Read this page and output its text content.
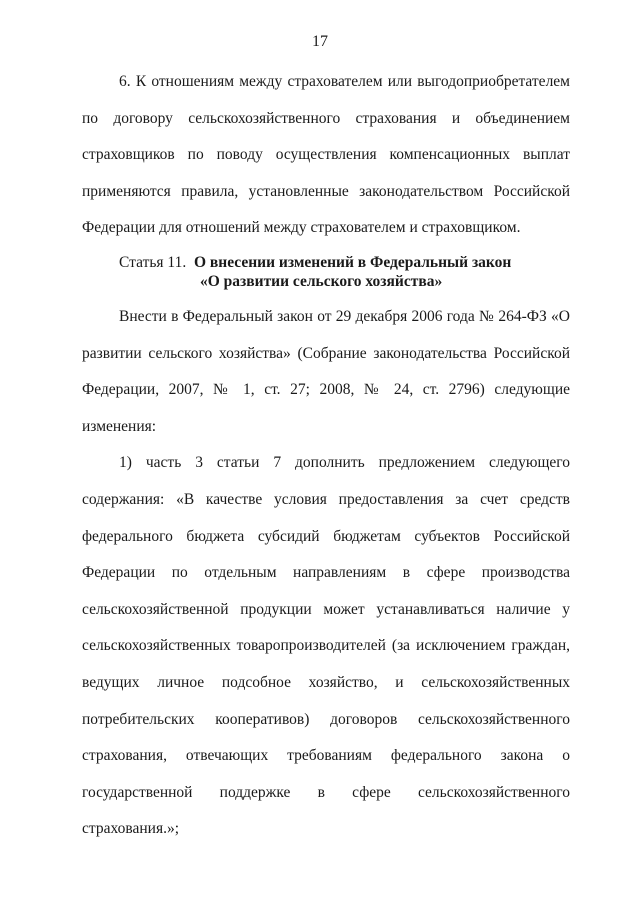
17

6. К отношениям между страхователем или выгодоприобретателем по договору сельскохозяйственного страхования и объединением страховщиков по поводу осуществления компенсационных выплат применяются правила, установленные законодательством Российской Федерации для отношений между страхователем и страховщиком.

Статья 11. О внесении изменений в Федеральный закон
«О развитии сельского хозяйства»

Внести в Федеральный закон от 29 декабря 2006 года № 264-ФЗ «О развитии сельского хозяйства» (Собрание законодательства Российской Федерации, 2007, № 1, ст. 27; 2008, № 24, ст. 2796) следующие изменения:

1) часть 3 статьи 7 дополнить предложением следующего содержания: «В качестве условия предоставления за счет средств федерального бюджета субсидий бюджетам субъектов Российской Федерации по отдельным направлениям в сфере производства сельскохозяйственной продукции может устанавливаться наличие у сельскохозяйственных товаропроизводителей (за исключением граждан, ведущих личное подсобное хозяйство, и сельскохозяйственных потребительских кооперативов) договоров сельскохозяйственного страхования, отвечающих требованиям федерального закона о государственной поддержке в сфере сельскохозяйственного страхования.»;
